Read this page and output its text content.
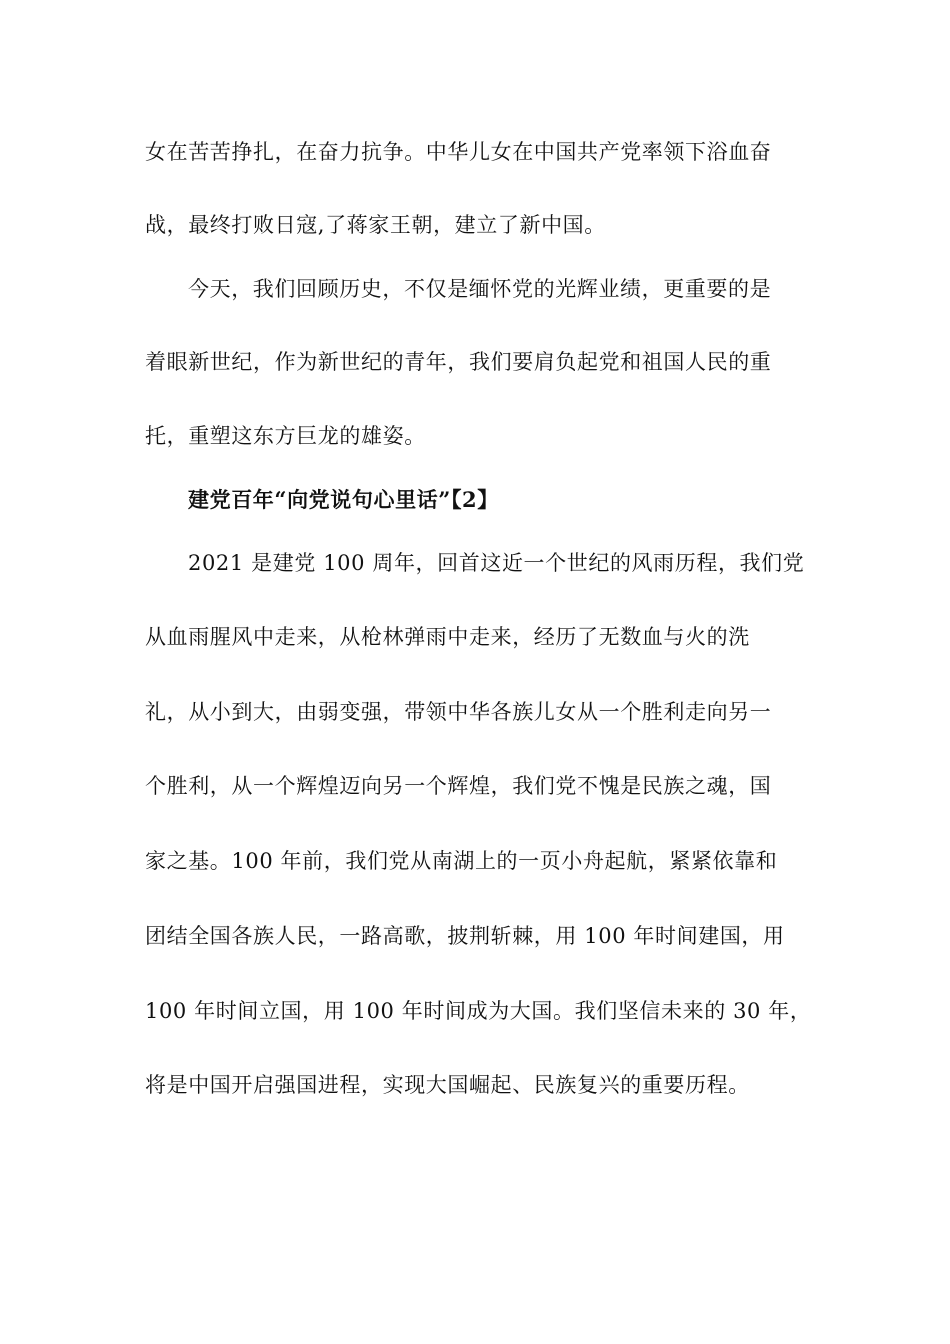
女在苦苦挣扎，在奋力抗争。中华儿女在中国共产党率领下浴血奋
战，最终打败日寇,了蒋家王朝，建立了新中国。
今天，我们回顾历史，不仅是缅怀党的光辉业绩，更重要的是
着眼新世纪，作为新世纪的青年，我们要肩负起党和祖国人民的重
托，重塑这东方巨龙的雄姿。
建党百年“向党说句心里话”【2】
2021 是建党 100 周年，回首这近一个世纪的风雨历程，我们党
从血雨腥风中走来，从枪林弹雨中走来，经历了无数血与火的洗
礼，从小到大，由弱变强，带领中华各族儿女从一个胜利走向另一
个胜利，从一个辉煌迈向另一个辉煌，我们党不愧是民族之魂，国
家之基。100 年前，我们党从南湖上的一页小舟起航，紧紧依靠和
团结全国各族人民，一路高歌，披荆斩棘，用 100 年时间建国，用
100 年时间立国，用 100 年时间成为大国。我们坚信未来的 30 年，
将是中国开启强国进程，实现大国崛起、民族复兴的重要历程。
